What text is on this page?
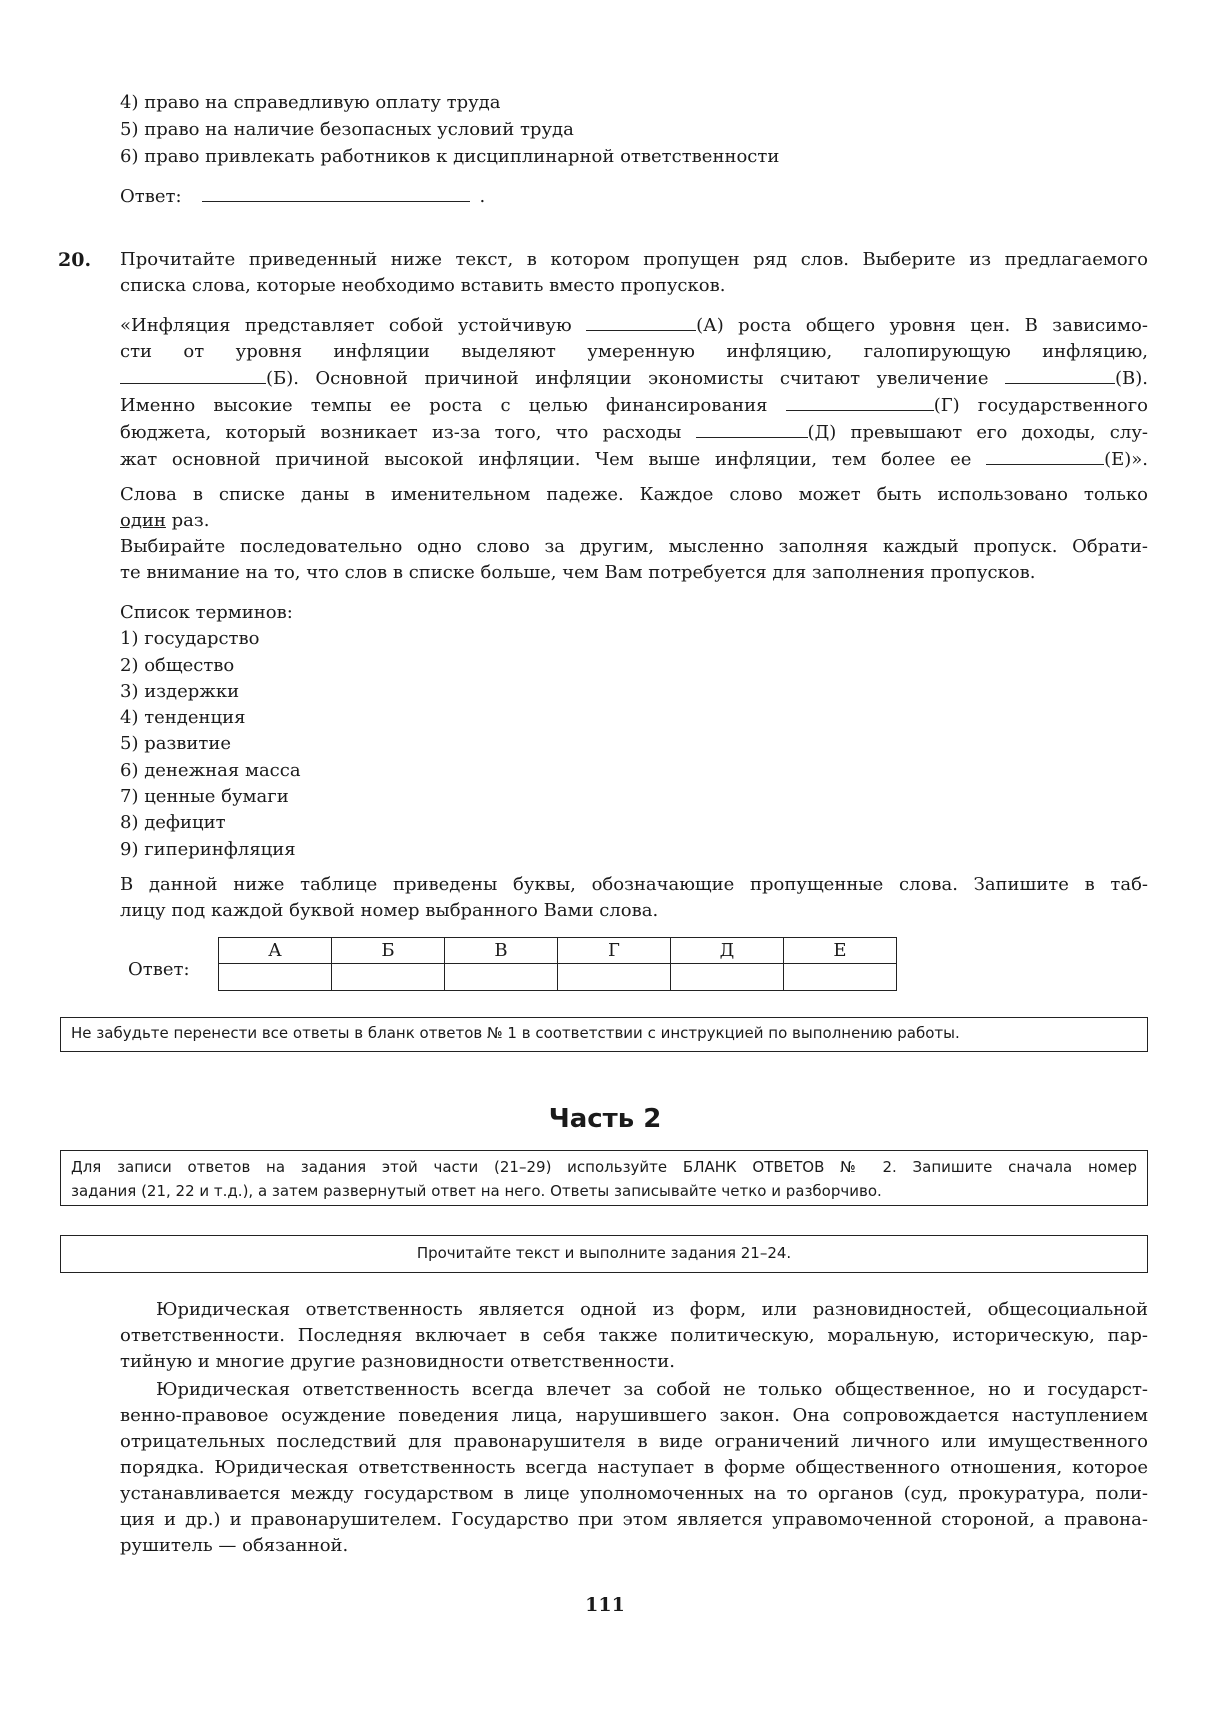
4) право на справедливую оплату труда
5) право на наличие безопасных условий труда
6) право привлекать работников к дисциплинарной ответственности
Ответ:	.
20. Прочитайте приведенный ниже текст, в котором пропущен ряд слов. Выберите из предлагаемого

списка слова, которые необходимо вставить вместо пропусков.

«Инфляция представляет собой устойчивую	(А) роста общего уровня цен. В зависимо-

сти от уровня инфляции выделяют умеренную инфляцию, галопирующую инфляцию,

(Б). Основной причиной инфляции экономисты считают увеличение	(В).

Именно высокие темпы ее роста с целью финансирования	(Г) государственного

бюджета, который возникает из-за того, что расходы	(Д) превышают его доходы, слу-

жат основной причиной высокой инфляции. Чем выше инфляции, тем более ее	(Е)».

Слова в списке даны в именительном падеже. Каждое слово может быть использовано только

один раз.

Выбирайте последовательно одно слово за другим, мысленно заполняя каждый пропуск. Обрати-

те внимание на то, что слов в списке больше, чем Вам потребуется для заполнения пропусков.

Список терминов:
1) государство
2) общество
3) издержки
4) тенденция
5) развитие
6) денежная масса
7) ценные бумаги
8) дефицит
9) гиперинфляция

В данной ниже таблице приведены буквы, обозначающие пропущенные слова. Запишите в таб-

лицу под каждой буквой номер выбранного Вами слова.

Ответ:
А	Б	В	Г	Д	Е

Не забудьте перенести все ответы в бланк ответов № 1 в соответствии с инструкцией по выполнению работы.
Часть 2

Для записи ответов на задания этой части (21–29) используйте БЛАНК ОТВЕТОВ № 2. Запишите сначала номер

задания (21, 22 и т.д.), а затем развернутый ответ на него. Ответы записывайте четко и разборчиво.

Прочитайте текст и выполните задания 21–24.

Юридическая ответственность является одной из форм, или разновидностей, общесоциальной

ответственности. Последняя включает в себя также политическую, моральную, историческую, пар-

тийную и многие другие разновидности ответственности.

Юридическая ответственность всегда влечет за собой не только общественное, но и государст-

венно-правовое осуждение поведения лица, нарушившего закон. Она сопровождается наступлением

отрицательных последствий для правонарушителя в виде ограничений личного или имущественного

порядка. Юридическая ответственность всегда наступает в форме общественного отношения, которое

устанавливается между государством в лице уполномоченных на то органов (суд, прокуратура, поли-

ция и др.) и правонарушителем. Государство при этом является управомоченной стороной, а правона-

рушитель — обязанной.

111
